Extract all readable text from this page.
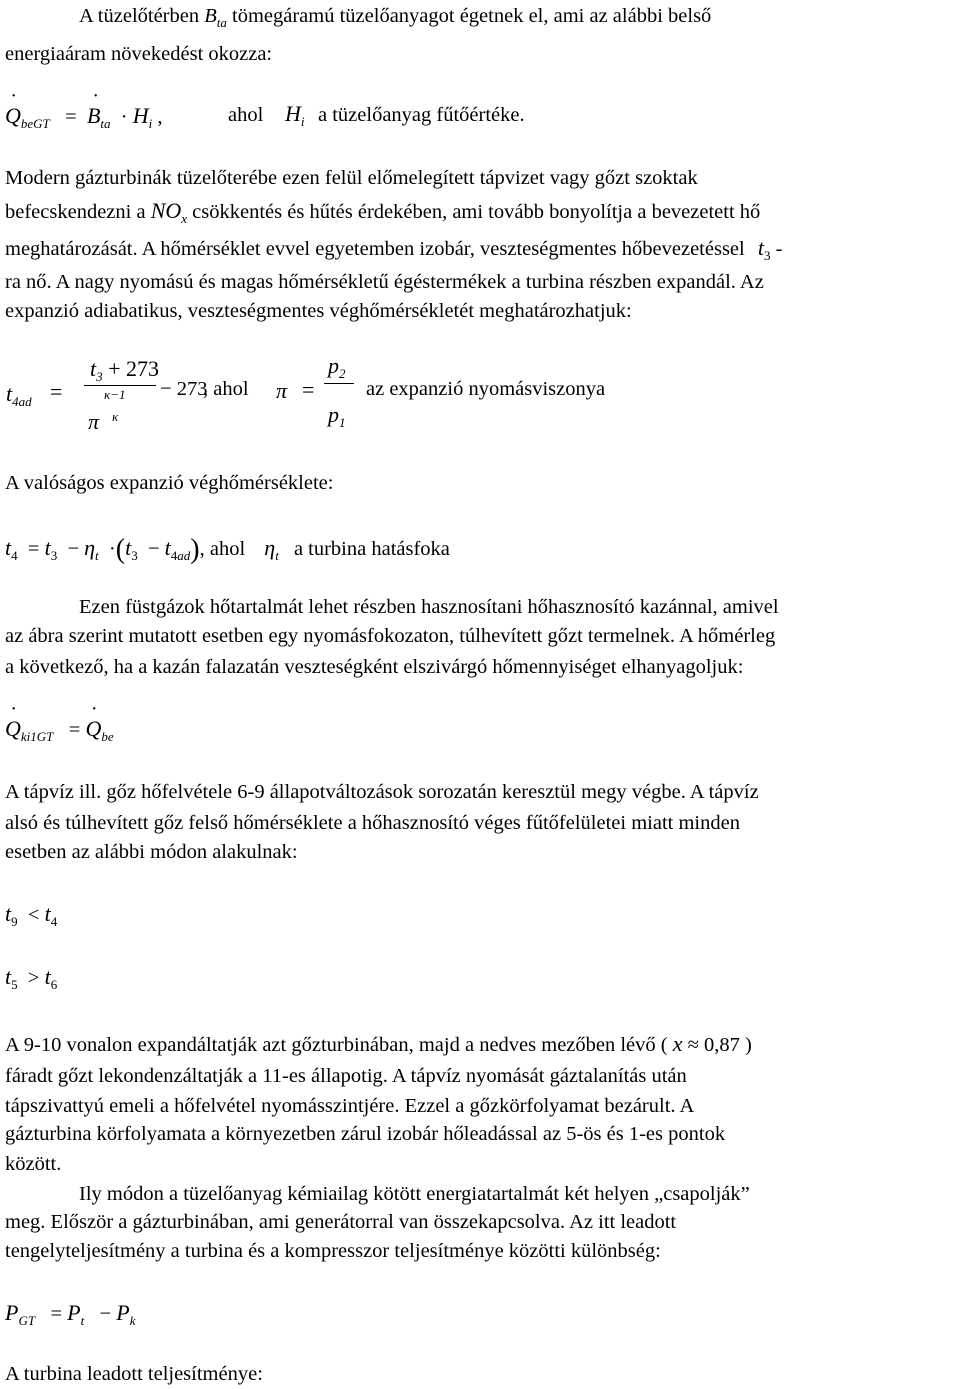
A tüzelőtérben ˙ $B_{ta}$ tömegáramú tüzelőanyagot égetnek el, ami az alábbi belső
energiaáram növekedést okozza:
˙ $Q_{beGT}$   =  ˙ $B_{ta} \cdot H_i$ ,	ahol $H_i$ a tüzelőanyag fűtőértéke.
Modern gázturbinák tüzelőterébe ezen felül előmelegített tápvizet vagy gőzt szoktak
befecskendezni a $NO_x$ csökkentés és hűtés érdekében, ami tovább bonyolítja a bevezetett hő
meghatározását. A hőmérséklet evvel egyetemben izobár, veszteségmentes hőbevezetéssel $t_3$ -
ra nő. A nagy nyomású és magas hőmérsékletű égéstermékek a turbina részben expandál. Az
expanzió adiabatikus, veszteségmentes véghőmérsékletét meghatározhatjuk:
$t_{4ad}$ =
$t_3 + 273$
π
κ−1
κ
− 273
, ahol π =
$p_2$
$p_1$
az expanzió nyomásviszonya
A valóságos expanzió véghőmérséklete:
$t_4 = t_3 - \eta_t \cdot(t_3 - t_{4ad})$, ahol $\eta_t$ a turbina hatásfoka
Ezen füstgázok hőtartalmát lehet részben hasznosítani hőhasznosító kazánnal, amivel
az ábra szerint mutatott esetben egy nyomásfokozaton, túlhevített gőzt termelnek. A hőmérleg
a következő, ha a kazán falazatán veszteségként elszivárgó hőmennyiséget elhanyagoljuk:
˙ $Q_{ki1GT}$   = ˙ $Q_{be}$
A tápvíz ill. gőz hőfelvétele 6-9 állapotváltozások sorozatán keresztül megy végbe. A tápvíz
alsó és túlhevített gőz felső hőmérséklete a hőhasznosító véges fűtőfelületei miatt minden
esetben az alábbi módon alakulnak:
$t_9 < t_4$
$t_5 > t_6$
A 9-10 vonalon expandáltatják azt gőzturbinában, majd a nedves mezőben lévő ( x ≈ 0,87 )
fáradt gőzt lekondenzáltatják a 11-es állapotig. A tápvíz nyomását gáztalanítás után
tápszivattyú emeli a hőfelvétel nyomásszintjére. Ezzel a gőzkörfolyamat bezárult. A
gázturbina körfolyamata a környezetben zárul izobár hőleadással az 5-ös és 1-es pontok
között.
Ily módon a tüzelőanyag kémiailag kötött energiatartalmát két helyen „csapolják”
meg. Először a gázturbinában, ami generátorral van összekapcsolva. Az itt leadott
tengelyteljesítmény a turbina és a kompresszor teljesítménye közötti különbség:
$P_{GT} = P_t - P_k$
A turbina leadott teljesítménye:
